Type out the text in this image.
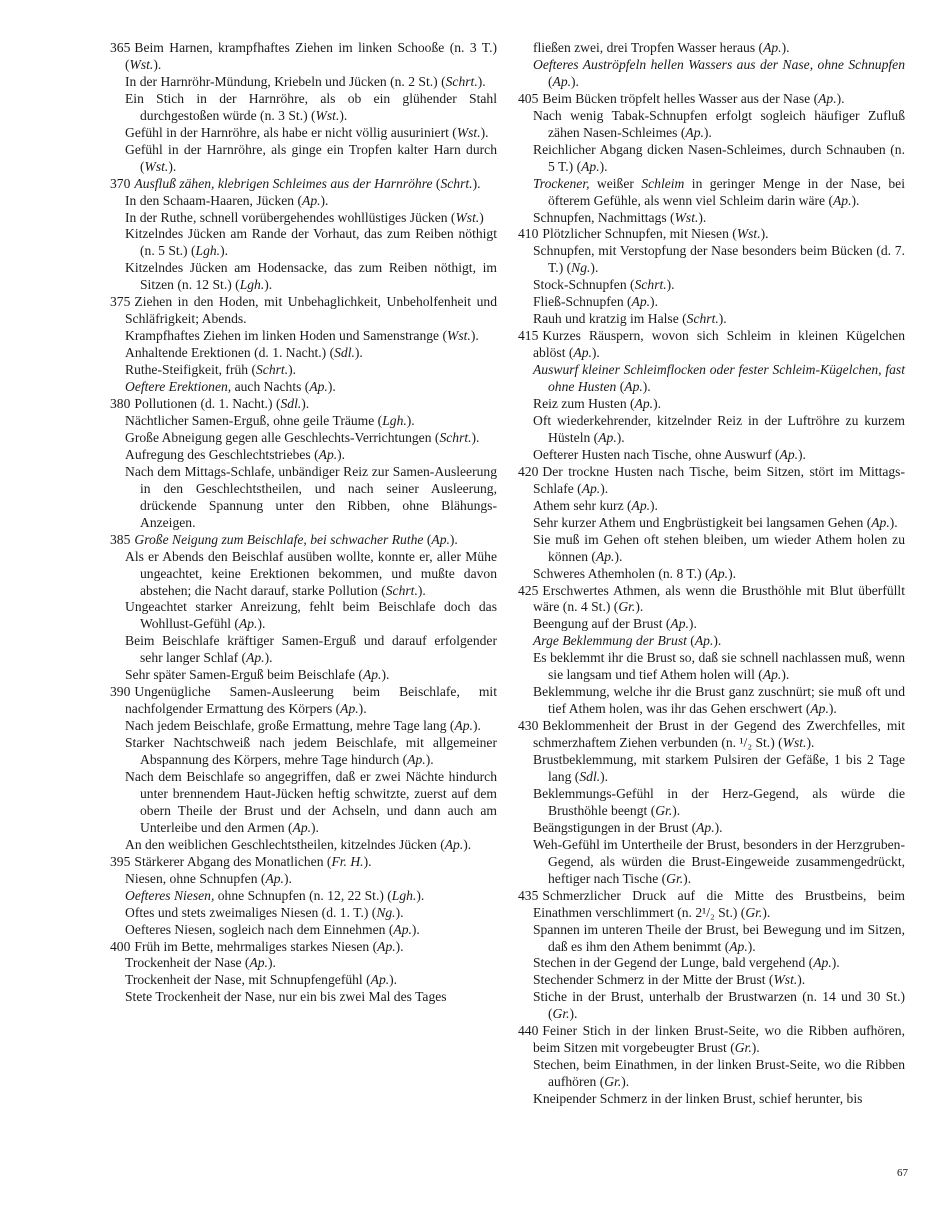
365 Beim Harnen, krampfhaftes Ziehen im linken Schooße (n. 3 T.) (Wst.).
In der Harnröhr-Mündung, Kriebeln und Jücken (n. 2 St.) (Schrt.).
Ein Stich in der Harnröhre, als ob ein glühender Stahl durchgestoßen würde (n. 3 St.) (Wst.).
Gefühl in der Harnröhre, als habe er nicht völlig ausuriniert (Wst.).
Gefühl in der Harnröhre, als ginge ein Tropfen kalter Harn durch (Wst.).
370 Ausfluß zähen, klebrigen Schleimes aus der Harnröhre (Schrt.).
In den Schaam-Haaren, Jücken (Ap.).
In der Ruthe, schnell vorübergehendes wohllüstiges Jücken (Wst.)
Kitzelndes Jücken am Rande der Vorhaut, das zum Reiben nöthigt (n. 5 St.) (Lgh.).
Kitzelndes Jücken am Hodensacke, das zum Reiben nöthigt, im Sitzen (n. 12 St.) (Lgh.).
375 Ziehen in den Hoden, mit Unbehaglichkeit, Unbeholfenheit und Schläfrigkeit; Abends.
Krampfhaftes Ziehen im linken Hoden und Samenstrange (Wst.).
Anhaltende Erektionen (d. 1. Nacht.) (Sdl.).
Ruthe-Steifigkeit, früh (Schrt.).
Oeftere Erektionen, auch Nachts (Ap.).
380 Pollutionen (d. 1. Nacht.) (Sdl.).
Nächtlicher Samen-Erguß, ohne geile Träume (Lgh.).
Große Abneigung gegen alle Geschlechts-Verrichtungen (Schrt.).
Aufregung des Geschlechtstriebes (Ap.).
Nach dem Mittags-Schlafe, unbändiger Reiz zur Samen-Ausleerung in den Geschlechtstheilen, und nach seiner Ausleerung, drückende Spannung unter den Ribben, ohne Blähungs-Anzeigen.
385 Große Neigung zum Beischlafe, bei schwacher Ruthe (Ap.).
Als er Abends den Beischlaf ausüben wollte, konnte er, aller Mühe ungeachtet, keine Erektionen bekommen, und mußte davon abstehen; die Nacht darauf, starke Pollution (Schrt.).
Ungeachtet starker Anreizung, fehlt beim Beischlafe doch das Wohllust-Gefühl (Ap.).
Beim Beischlafe kräftiger Samen-Erguß und darauf erfolgender sehr langer Schlaf (Ap.).
Sehr später Samen-Erguß beim Beischlafe (Ap.).
390 Ungenügliche Samen-Ausleerung beim Beischlafe, mit nachfolgender Ermattung des Körpers (Ap.).
Nach jedem Beischlafe, große Ermattung, mehre Tage lang (Ap.).
Starker Nachtschweiß nach jedem Beischlafe, mit allgemeiner Abspannung des Körpers, mehre Tage hindurch (Ap.).
Nach dem Beischlafe so angegriffen, daß er zwei Nächte hindurch unter brennendem Haut-Jücken heftig schwitzte, zuerst auf dem obern Theile der Brust und der Achseln, und dann auch am Unterleibe und den Armen (Ap.).
An den weiblichen Geschlechtstheilen, kitzelndes Jücken (Ap.).
395 Stärkerer Abgang des Monatlichen (Fr. H.).
Niesen, ohne Schnupfen (Ap.).
Oefteres Niesen, ohne Schnupfen (n. 12, 22 St.) (Lgh.).
Oftes und stets zweimaliges Niesen (d. 1. T.) (Ng.).
Oefteres Niesen, sogleich nach dem Einnehmen (Ap.).
400 Früh im Bette, mehrmaliges starkes Niesen (Ap.).
Trockenheit der Nase (Ap.).
Trockenheit der Nase, mit Schnupfengefühl (Ap.).
Stete Trockenheit der Nase, nur ein bis zwei Mal des Tages
fließen zwei, drei Tropfen Wasser heraus (Ap.).
Oefteres Auströpfeln hellen Wassers aus der Nase, ohne Schnupfen (Ap.).
405 Beim Bücken tröpfelt helles Wasser aus der Nase (Ap.).
Nach wenig Tabak-Schnupfen erfolgt sogleich häufiger Zufluß zähen Nasen-Schleimes (Ap.).
Reichlicher Abgang dicken Nasen-Schleimes, durch Schnauben (n. 5 T.) (Ap.).
Trockener, weißer Schleim in geringer Menge in der Nase, bei öfterem Gefühle, als wenn viel Schleim darin wäre (Ap.).
Schnupfen, Nachmittags (Wst.).
410 Plötzlicher Schnupfen, mit Niesen (Wst.).
Schnupfen, mit Verstopfung der Nase besonders beim Bücken (d. 7. T.) (Ng.).
Stock-Schnupfen (Schrt.).
Fließ-Schnupfen (Ap.).
Rauh und kratzig im Halse (Schrt.).
415 Kurzes Räuspern, wovon sich Schleim in kleinen Kügelchen ablöst (Ap.).
Auswurf kleiner Schleimflocken oder fester Schleim-Kügelchen, fast ohne Husten (Ap.).
Reiz zum Husten (Ap.).
Oft wiederkehrender, kitzelnder Reiz in der Luftröhre zu kurzem Hüsteln (Ap.).
Oefterer Husten nach Tische, ohne Auswurf (Ap.).
420 Der trockne Husten nach Tische, beim Sitzen, stört im Mittags-Schlafe (Ap.).
Athem sehr kurz (Ap.).
Sehr kurzer Athem und Engbrüstigkeit bei langsamen Gehen (Ap.).
Sie muß im Gehen oft stehen bleiben, um wieder Athem holen zu können (Ap.).
Schweres Athemholen (n. 8 T.) (Ap.).
425 Erschwertes Athmen, als wenn die Brusthöhle mit Blut überfüllt wäre (n. 4 St.) (Gr.).
Beengung auf der Brust (Ap.).
Arge Beklemmung der Brust (Ap.).
Es beklemmt ihr die Brust so, daß sie schnell nachlassen muß, wenn sie langsam und tief Athem holen will (Ap.).
Beklemmung, welche ihr die Brust ganz zuschnürt; sie muß oft und tief Athem holen, was ihr das Gehen erschwert (Ap.).
430 Beklommenheit der Brust in der Gegend des Zwerchfelles, mit schmerzhaftem Ziehen verbunden (n. ¹/₂ St.) (Wst.).
Brustbeklemmung, mit starkem Pulsiren der Gefäße, 1 bis 2 Tage lang (Sdl.).
Beklemmungs-Gefühl in der Herz-Gegend, als würde die Brusthöhle beengt (Gr.).
Beängstigungen in der Brust (Ap.).
Weh-Gefühl im Untertheile der Brust, besonders in der Herzgruben-Gegend, als würden die Brust-Eingeweide zusammengedrückt, heftiger nach Tische (Gr.).
435 Schmerzlicher Druck auf die Mitte des Brustbeins, beim Einathmen verschlimmert (n. 2¹/₂ St.) (Gr.).
Spannen im unteren Theile der Brust, bei Bewegung und im Sitzen, daß es ihm den Athem benimmt (Ap.).
Stechen in der Gegend der Lunge, bald vergehend (Ap.).
Stechender Schmerz in der Mitte der Brust (Wst.).
Stiche in der Brust, unterhalb der Brustwarzen (n. 14 und 30 St.) (Gr.).
440 Feiner Stich in der linken Brust-Seite, wo die Ribben aufhören, beim Sitzen mit vorgebeugter Brust (Gr.).
Stechen, beim Einathmen, in der linken Brust-Seite, wo die Ribben aufhören (Gr.).
Kneipender Schmerz in der linken Brust, schief herunter, bis
67
